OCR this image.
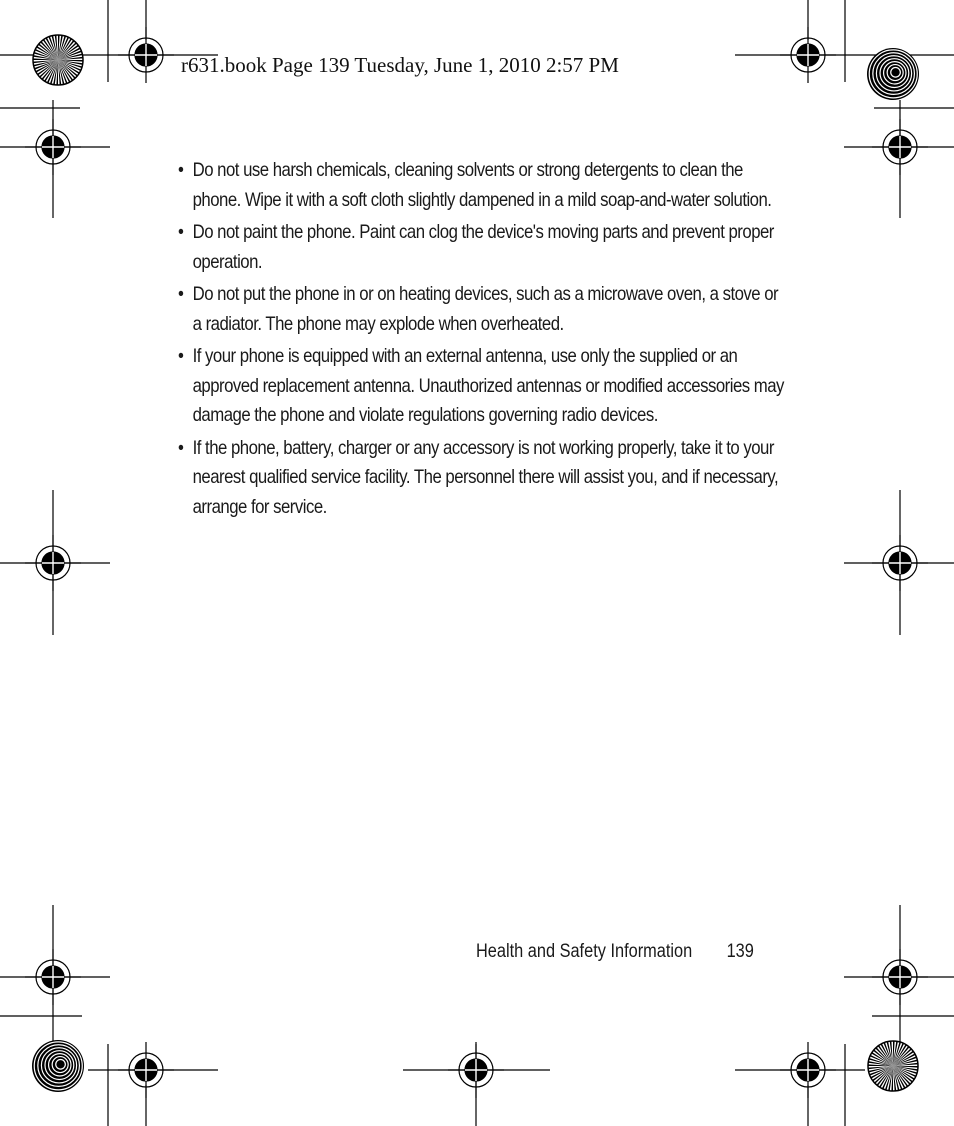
r631.book Page 139 Tuesday, June 1, 2010 2:57 PM

• Do not use harsh chemicals, cleaning solvents or strong detergents to clean the phone. Wipe it with a soft cloth slightly dampened in a mild soap-and-water solution.
• Do not paint the phone. Paint can clog the device's moving parts and prevent proper operation.
• Do not put the phone in or on heating devices, such as a microwave oven, a stove or a radiator. The phone may explode when overheated.
• If your phone is equipped with an external antenna, use only the supplied or an approved replacement antenna. Unauthorized antennas or modified accessories may damage the phone and violate regulations governing radio devices.
• If the phone, battery, charger or any accessory is not working properly, take it to your nearest qualified service facility. The personnel there will assist you, and if necessary, arrange for service.
Health and Safety Information 139
